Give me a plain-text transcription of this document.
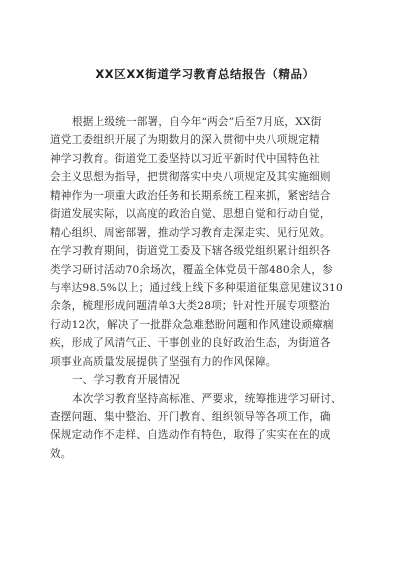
XX区XX街道学习教育总结报告（精品）
根据上级统一部署，自今年“两会”后至7月底，XX街
道党工委组织开展了为期数月的深入贯彻中央八项规定精
神学习教育。街道党工委坚持以习近平新时代中国特色社
会主义思想为指导，把贯彻落实中央八项规定及其实施细则
精神作为一项重大政治任务和长期系统工程来抓，紧密结合
街道发展实际，以高度的政治自觉、思想自觉和行动自觉，
精心组织、周密部署，推动学习教育走深走实、见行见效。
在学习教育期间，街道党工委及下辖各级党组织累计组织各
类学习研讨活动70余场次，覆盖全体党员干部480余人，参
与率达98.5%以上；通过线上线下多种渠道征集意见建议310
余条，梳理形成问题清单3大类28项；针对性开展专项整治
行动12次，解决了一批群众急难愁盼问题和作风建设顽瘴痼
疾，形成了风清气正、干事创业的良好政治生态，为街道各
项事业高质量发展提供了坚强有力的作风保障。
一、学习教育开展情况
本次学习教育坚持高标准、严要求，统筹推进学习研讨、
查摆问题、集中整治、开门教育、组织领导等各项工作，确
保规定动作不走样、自选动作有特色，取得了实实在在的成
效。
